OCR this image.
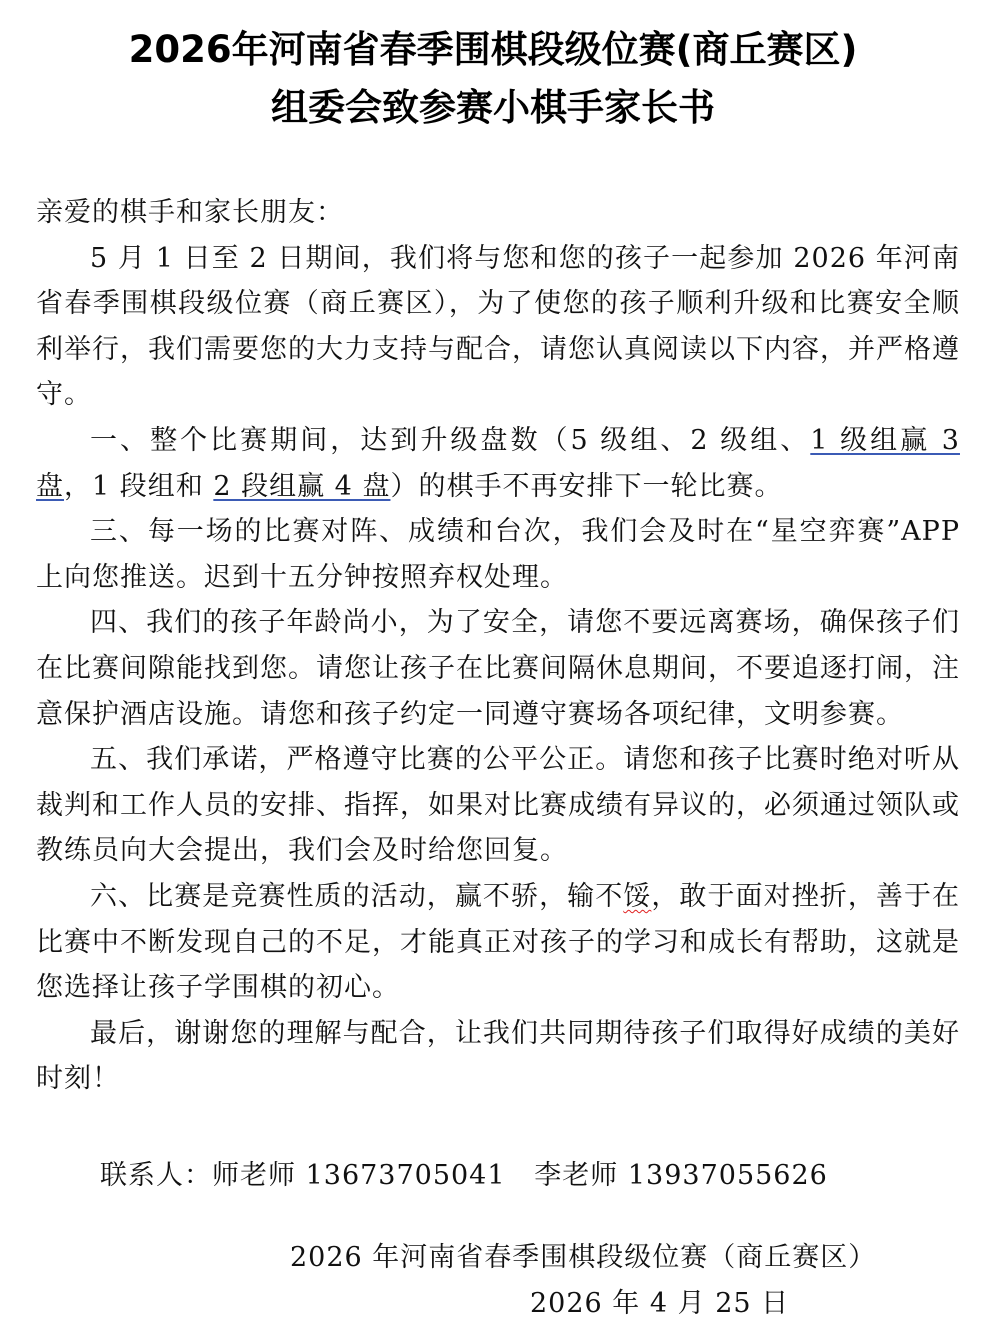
2026年河南省春季围棋段级位赛(商丘赛区)
组委会致参赛小棋手家长书

亲爱的棋手和家长朋友：

5 月 1 日至 2 日期间，我们将与您和您的孩子一起参加 2026 年河南省春季围棋段级位赛（商丘赛区），为了使您的孩子顺利升级和比赛安全顺利举行，我们需要您的大力支持与配合，请您认真阅读以下内容，并严格遵守。

一、整个比赛期间，达到升级盘数（5 级组、2 级组、1 级组赢 3 盘，1 段组和 2 段组赢 4 盘）的棋手不再安排下一轮比赛。

三、每一场的比赛对阵、成绩和台次，我们会及时在“星空弈赛”APP 上向您推送。迟到十五分钟按照弃权处理。

四、我们的孩子年龄尚小，为了安全，请您不要远离赛场，确保孩子们在比赛间隙能找到您。请您让孩子在比赛间隔休息期间，不要追逐打闹，注意保护酒店设施。请您和孩子约定一同遵守赛场各项纪律，文明参赛。

五、我们承诺，严格遵守比赛的公平公正。请您和孩子比赛时绝对听从裁判和工作人员的安排、指挥，如果对比赛成绩有异议的，必须通过领队或教练员向大会提出，我们会及时给您回复。

六、比赛是竞赛性质的活动，赢不骄，输不馁，敢于面对挫折，善于在比赛中不断发现自己的不足，才能真正对孩子的学习和成长有帮助，这就是您选择让孩子学围棋的初心。

最后，谢谢您的理解与配合，让我们共同期待孩子们取得好成绩的美好时刻！

联系人：师老师 13673705041   李老师 13937055626
2026 年河南省春季围棋段级位赛（商丘赛区）
2026 年 4 月 25 日
